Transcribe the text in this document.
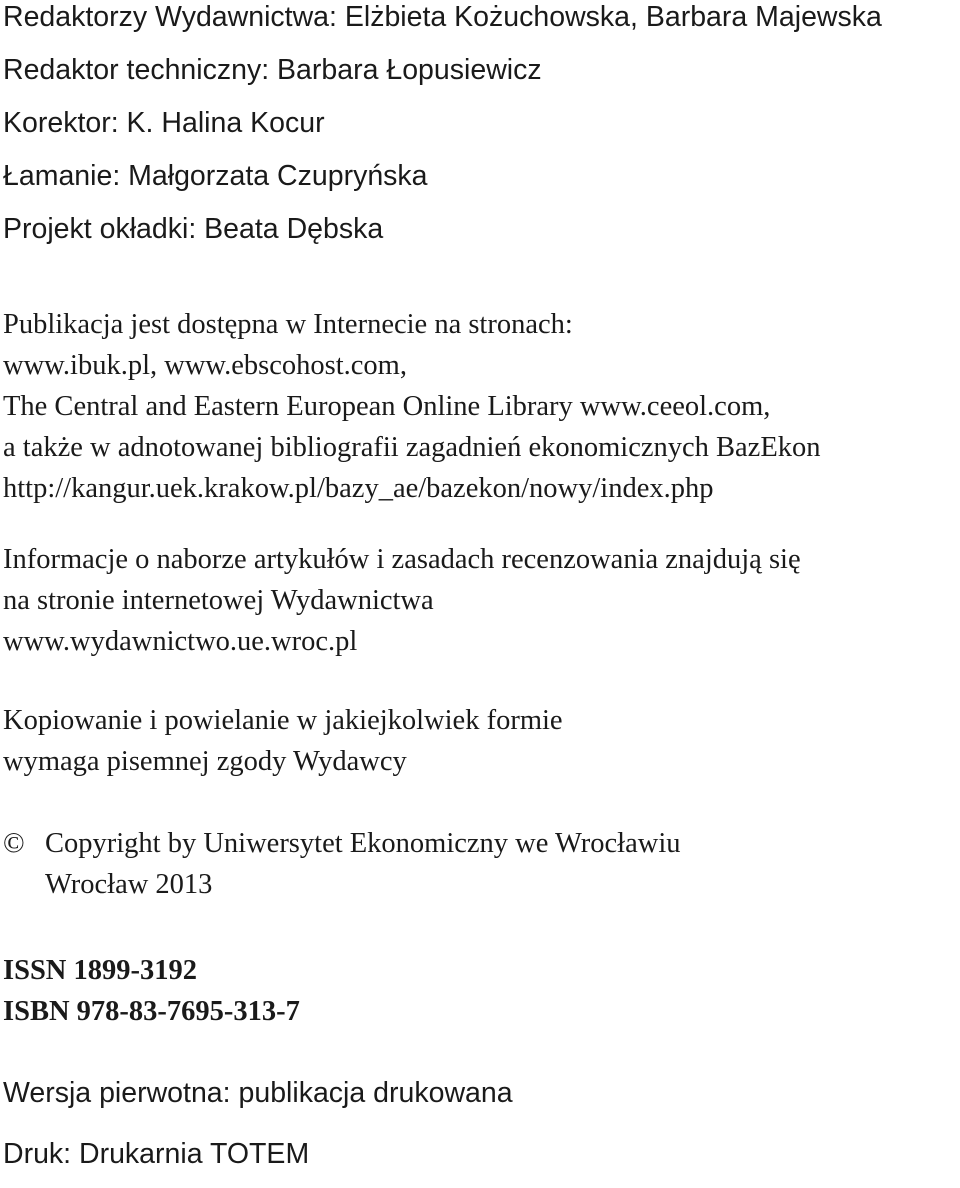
Redaktorzy Wydawnictwa: Elżbieta Kożuchowska, Barbara Majewska
Redaktor techniczny: Barbara Łopusiewicz
Korektor: K. Halina Kocur
Łamanie: Małgorzata Czupryńska
Projekt okładki: Beata Dębska
Publikacja jest dostępna w Internecie na stronach:
www.ibuk.pl, www.ebscohost.com,
The Central and Eastern European Online Library www.ceeol.com,
a także w adnotowanej bibliografii zagadnień ekonomicznych BazEkon
http://kangur.uek.krakow.pl/bazy_ae/bazekon/nowy/index.php
Informacje o naborze artykułów i zasadach recenzowania znajdują się
na stronie internetowej Wydawnictwa
www.wydawnictwo.ue.wroc.pl
Kopiowanie i powielanie w jakiejkolwiek formie
wymaga pisemnej zgody Wydawcy
© Copyright by Uniwersytet Ekonomiczny we Wrocławiu
Wrocław 2013
ISSN 1899-3192
ISBN 978-83-7695-313-7
Wersja pierwotna: publikacja drukowana
Druk: Drukarnia TOTEM
